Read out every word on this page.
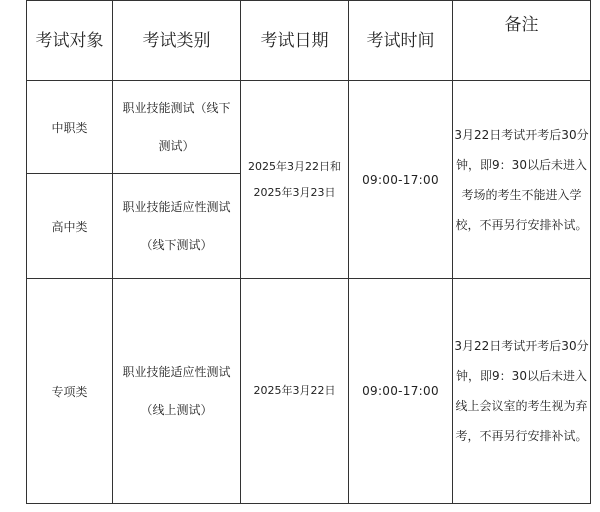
考试对象	考试类别	考试日期	考试时间	备注
中职类	职业技能测试（线下测试）	2025年3月22日和2025年3月23日	09:00-17:00	3月22日考试开考后30分钟，即9：30以后未进入考场的考生不能进入学校，不再另行安排补试。
高中类	职业技能适应性测试（线下测试）			

专项类	职业技能适应性测试（线上测试）	2025年3月22日	09:00-17:00	3月22日考试开考后30分钟，即9：30以后未进入线上会议室的考生视为弃考，不再另行安排补试。
